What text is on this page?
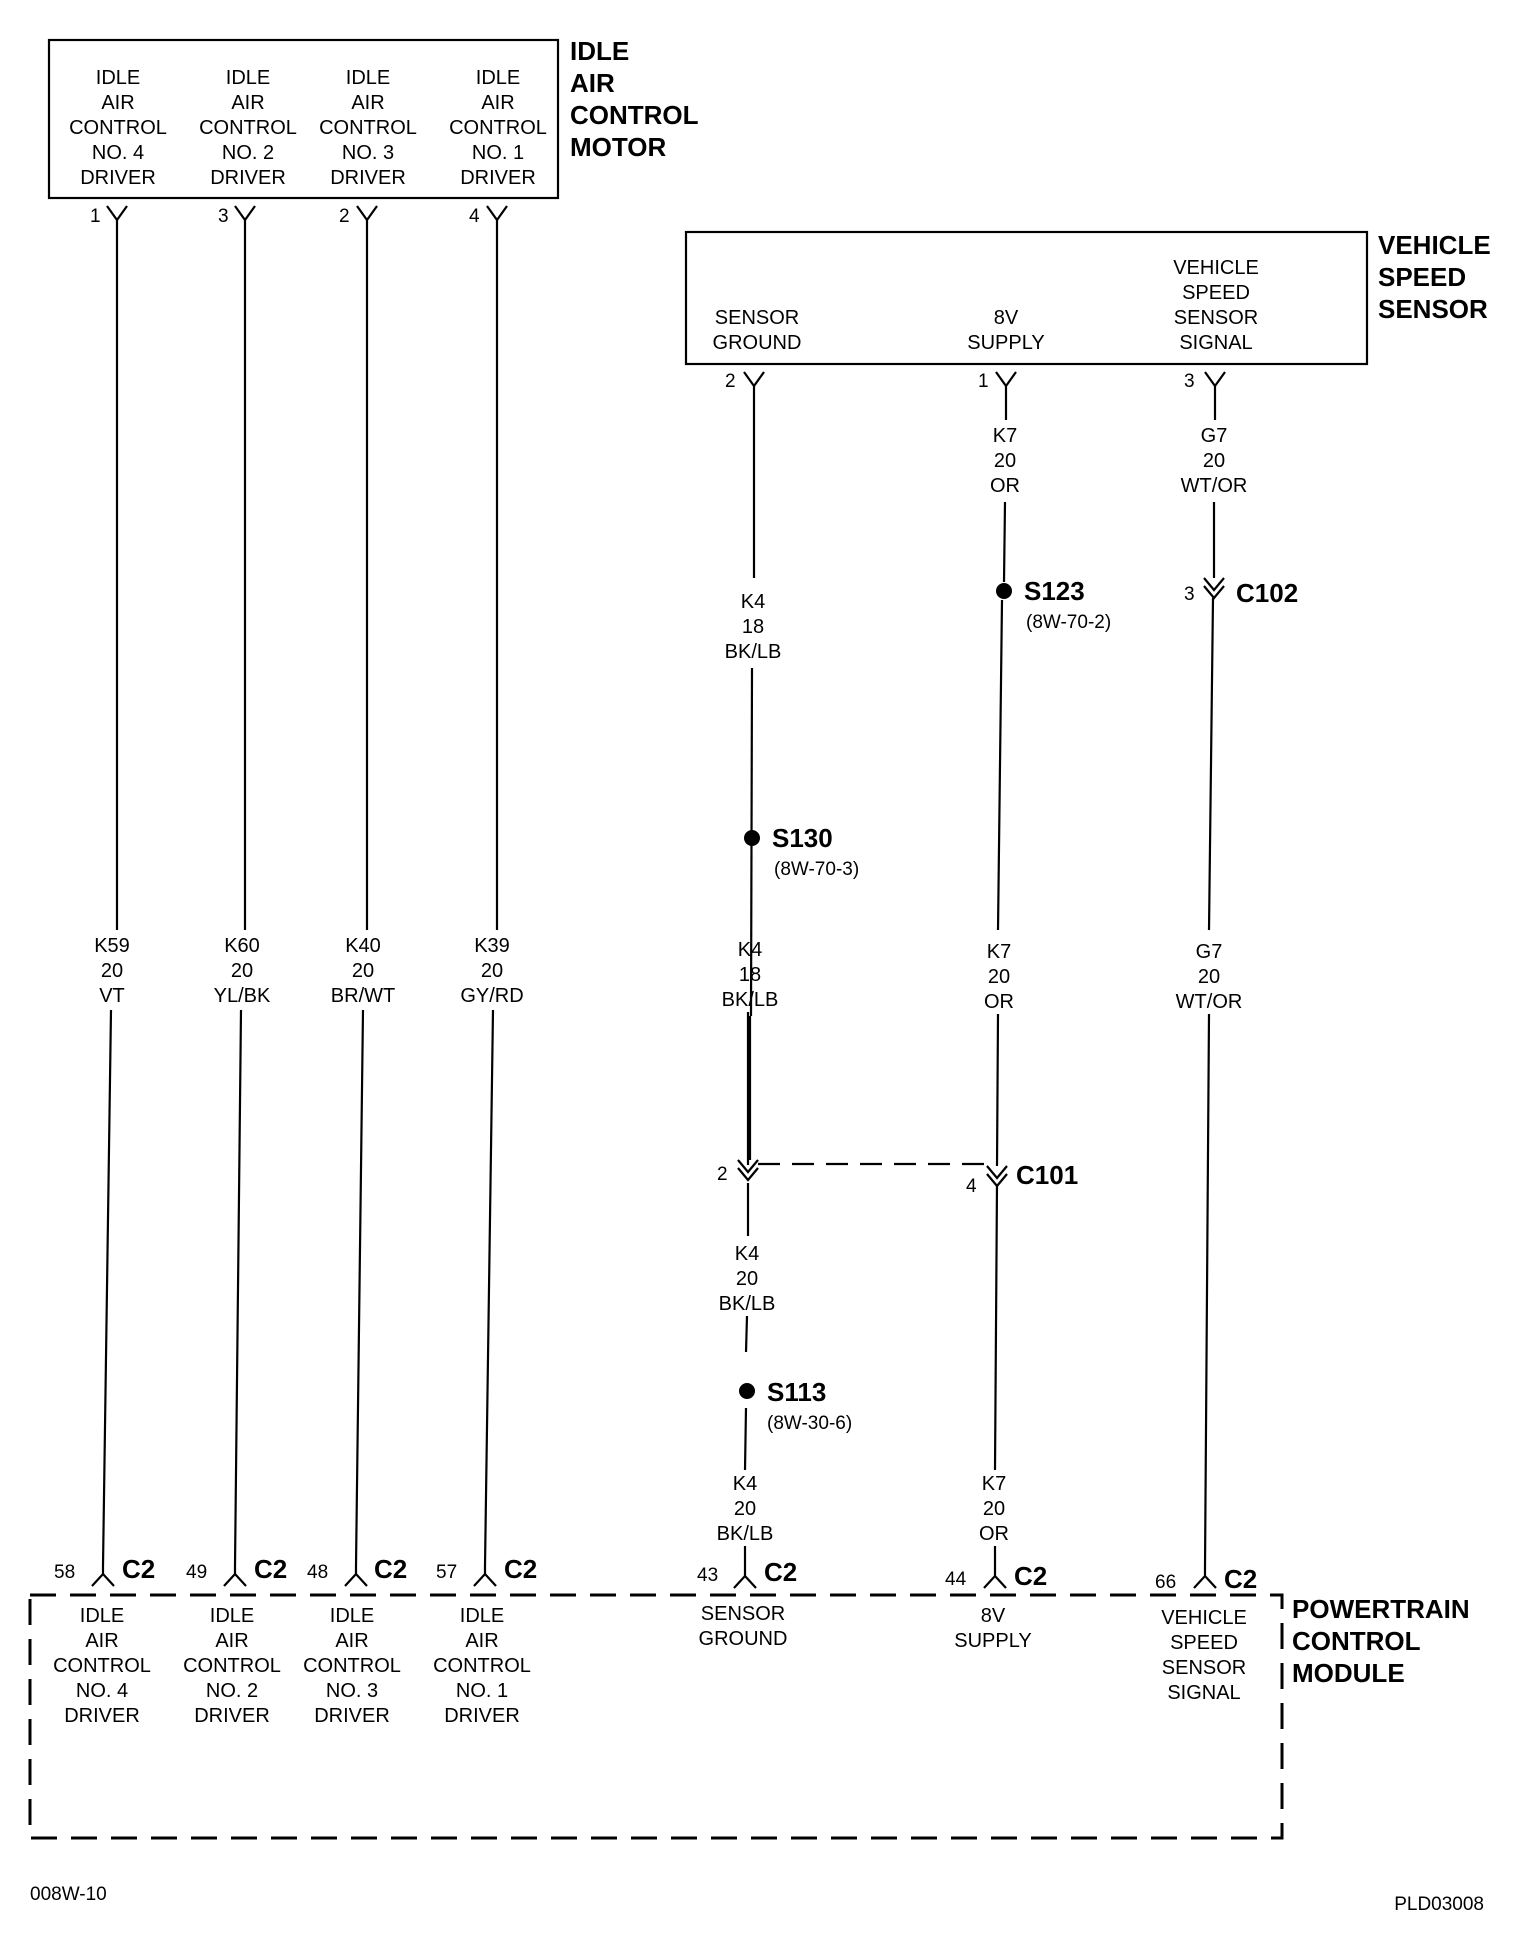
IDLE
AIR
CONTROL
MOTOR
IDLE
AIR
CONTROL
NO. 4
DRIVER
IDLE
AIR
CONTROL
NO. 2
DRIVER
IDLE
AIR
CONTROL
NO. 3
DRIVER
IDLE
AIR
CONTROL
NO. 1
DRIVER
1	3	2	4
K59
20
VT
K60
20
YL/BK
K40
20
BR/WT
K39
20
GY/RD
VEHICLE
SPEED
SENSOR
SENSOR
GROUND
8V
SUPPLY
VEHICLE
SPEED
SENSOR
SIGNAL
2	1	3
K4
18
BK/LB
K4
18
BK/LB
K4
20
BK/LB
K4
20
BK/LB
S130
(8W-70-3)
S113
(8W-30-6)
K7
20
OR
K7
20
OR
K7
20
OR
S123
(8W-70-2)
2
4 C101
G7
20
WT/OR
G7
20
WT/OR
3 C102
POWERTRAIN
CONTROL
MODULE
58 C2 49 C2 48 C2 57 C2	43 C2	44 C2	66 C2
IDLE
AIR
CONTROL
NO. 4
DRIVER
IDLE
AIR
CONTROL
NO. 2
DRIVER
IDLE
AIR
CONTROL
NO. 3
DRIVER
IDLE
AIR
CONTROL
NO. 1
DRIVER
SENSOR
GROUND
8V
SUPPLY
VEHICLE
SPEED
SENSOR
SIGNAL
008W-10	PLD03008
